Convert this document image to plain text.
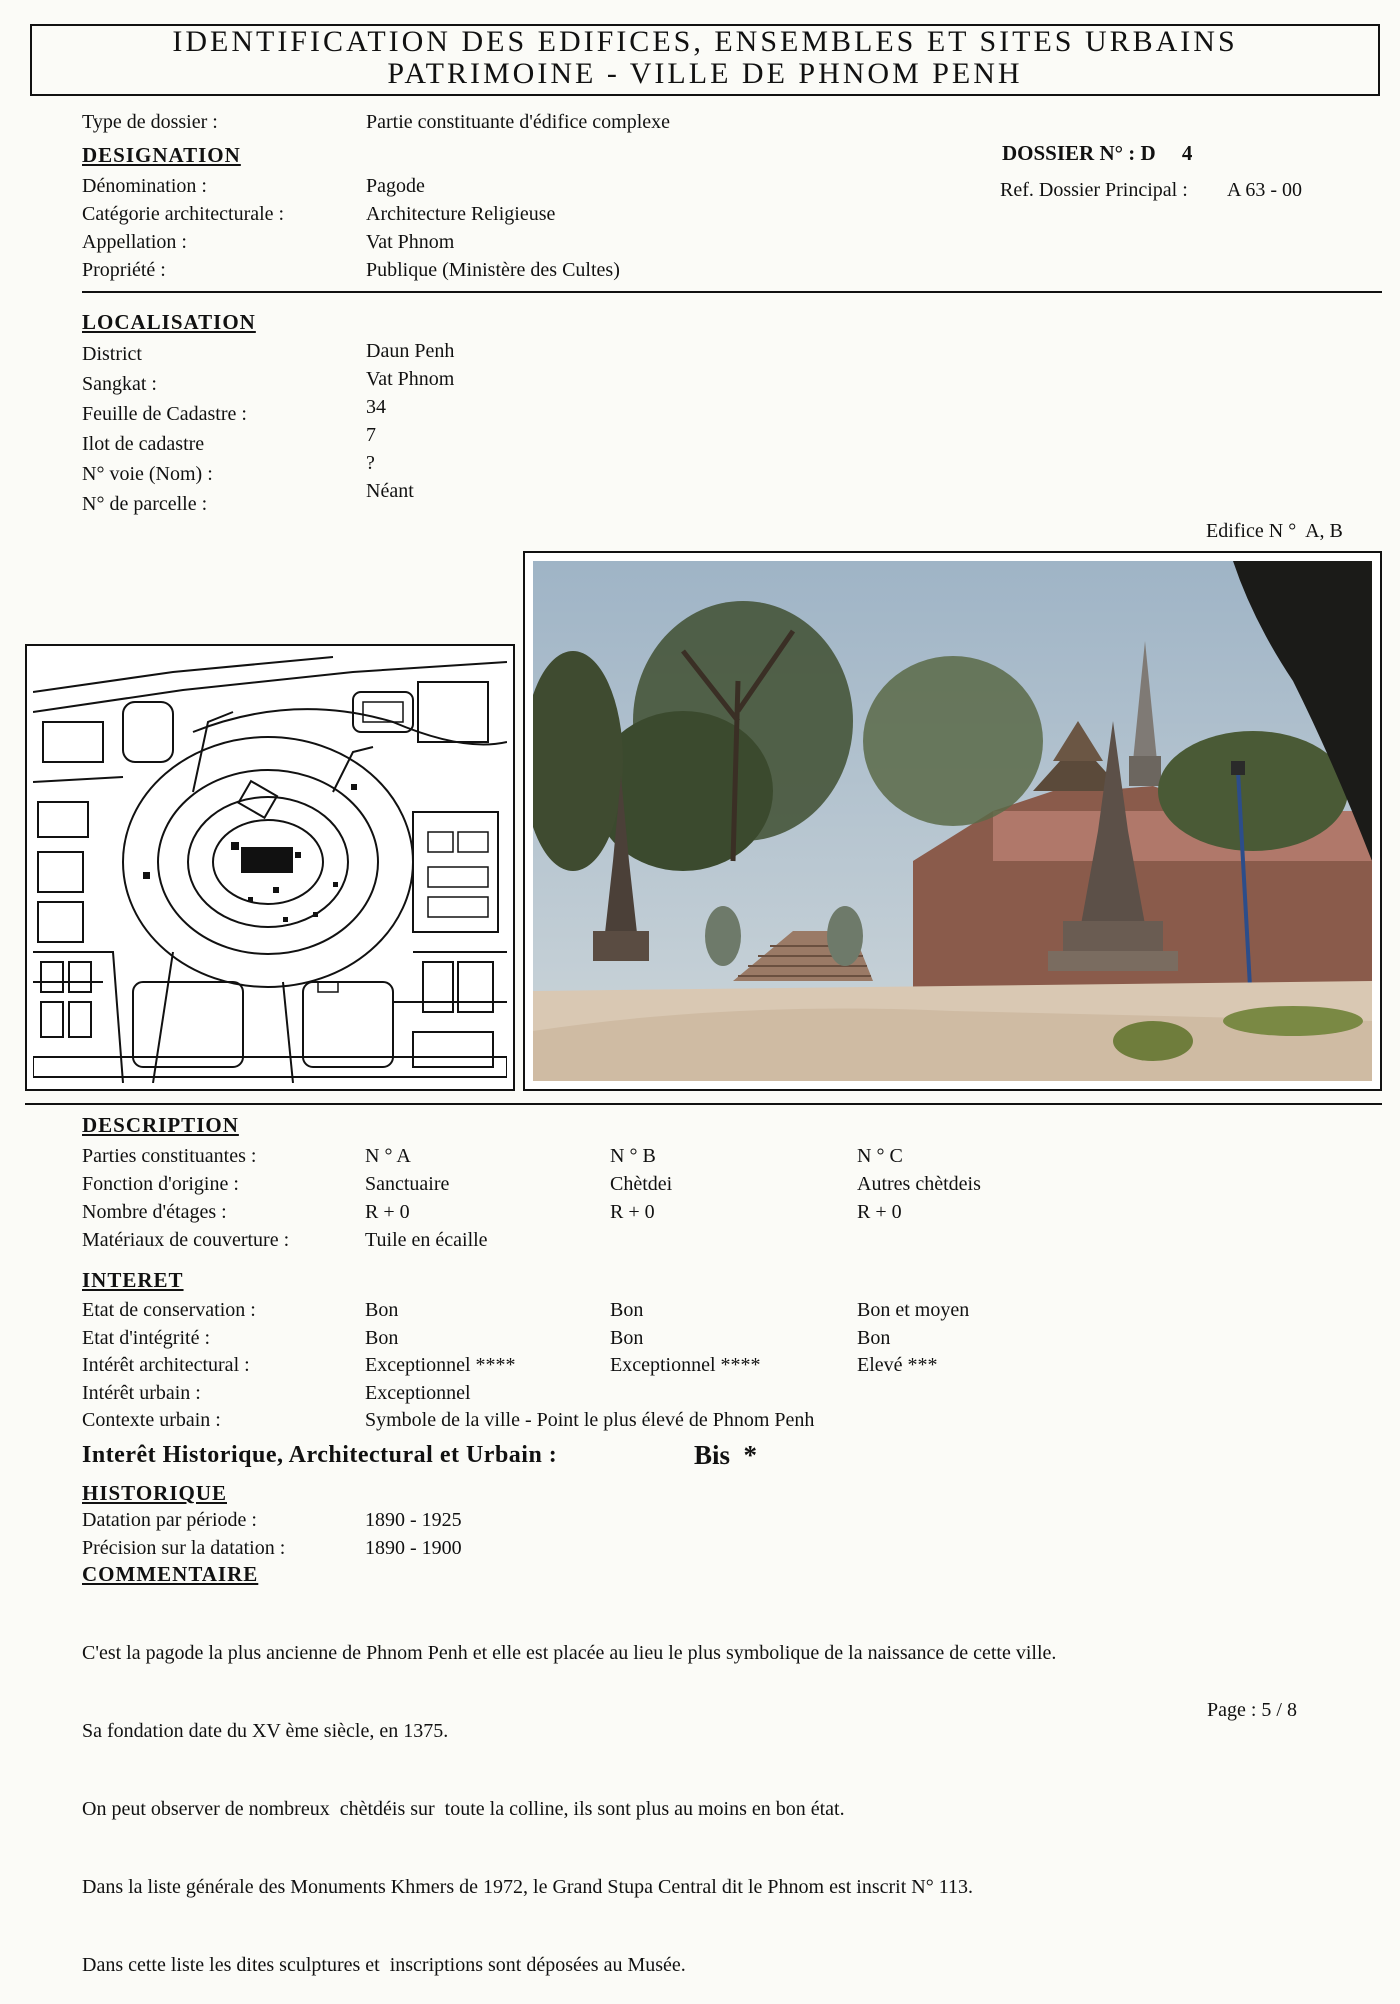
IDENTIFICATION DES EDIFICES, ENSEMBLES ET SITES URBAINS
PATRIMOINE - VILLE DE PHNOM PENH
Type de dossier :	Partie constituante d'édifice complexe
DOSSIER N° : D     4
Ref. Dossier Principal : A 63 - 00
DESIGNATION
Dénomination :
Catégorie architecturale :
Appellation :
Propriété :
Pagode
Architecture Religieuse
Vat Phnom
Publique (Ministère des Cultes)
LOCALISATION
District
Sangkat :
Feuille de Cadastre :
Ilot de cadastre
N° voie (Nom) :
N° de parcelle :
Daun Penh
Vat Phnom
34
7
?
Néant
Edifice N °  A, B
DESCRIPTION
Parties constituantes :
Fonction d'origine :
Nombre d'étages :
Matériaux de couverture :
N ° A
Sanctuaire
R + 0
Tuile en écaille
N ° B
Chètdei
R + 0
N ° C
Autres chètdeis
R + 0
INTERET
Etat de conservation :
Etat d'intégrité :
Intérêt architectural :
Intérêt urbain :
Contexte urbain :
Bon
Bon
Exceptionnel ****
Exceptionnel
Symbole de la ville - Point le plus élevé de Phnom Penh
Bon
Bon
Exceptionnel ****
Bon et moyen
Bon
Elevé ***
Interêt Historique, Architectural et Urbain :	Bis  *
HISTORIQUE
Datation par période :
Précision sur la datation :
1890 - 1925
1890 - 1900
COMMENTAIRE

C'est la pagode la plus ancienne de Phnom Penh et elle est placée au lieu le plus symbolique de la naissance de cette ville.

Sa fondation date du XV ème siècle, en 1375.

On peut observer de nombreux  chètdéis sur  toute la colline, ils sont plus au moins en bon état.

Dans la liste générale des Monuments Khmers de 1972, le Grand Stupa Central dit le Phnom est inscrit N° 113.

Dans cette liste les dites sculptures et  inscriptions sont déposées au Musée.

Page : 5 / 8
